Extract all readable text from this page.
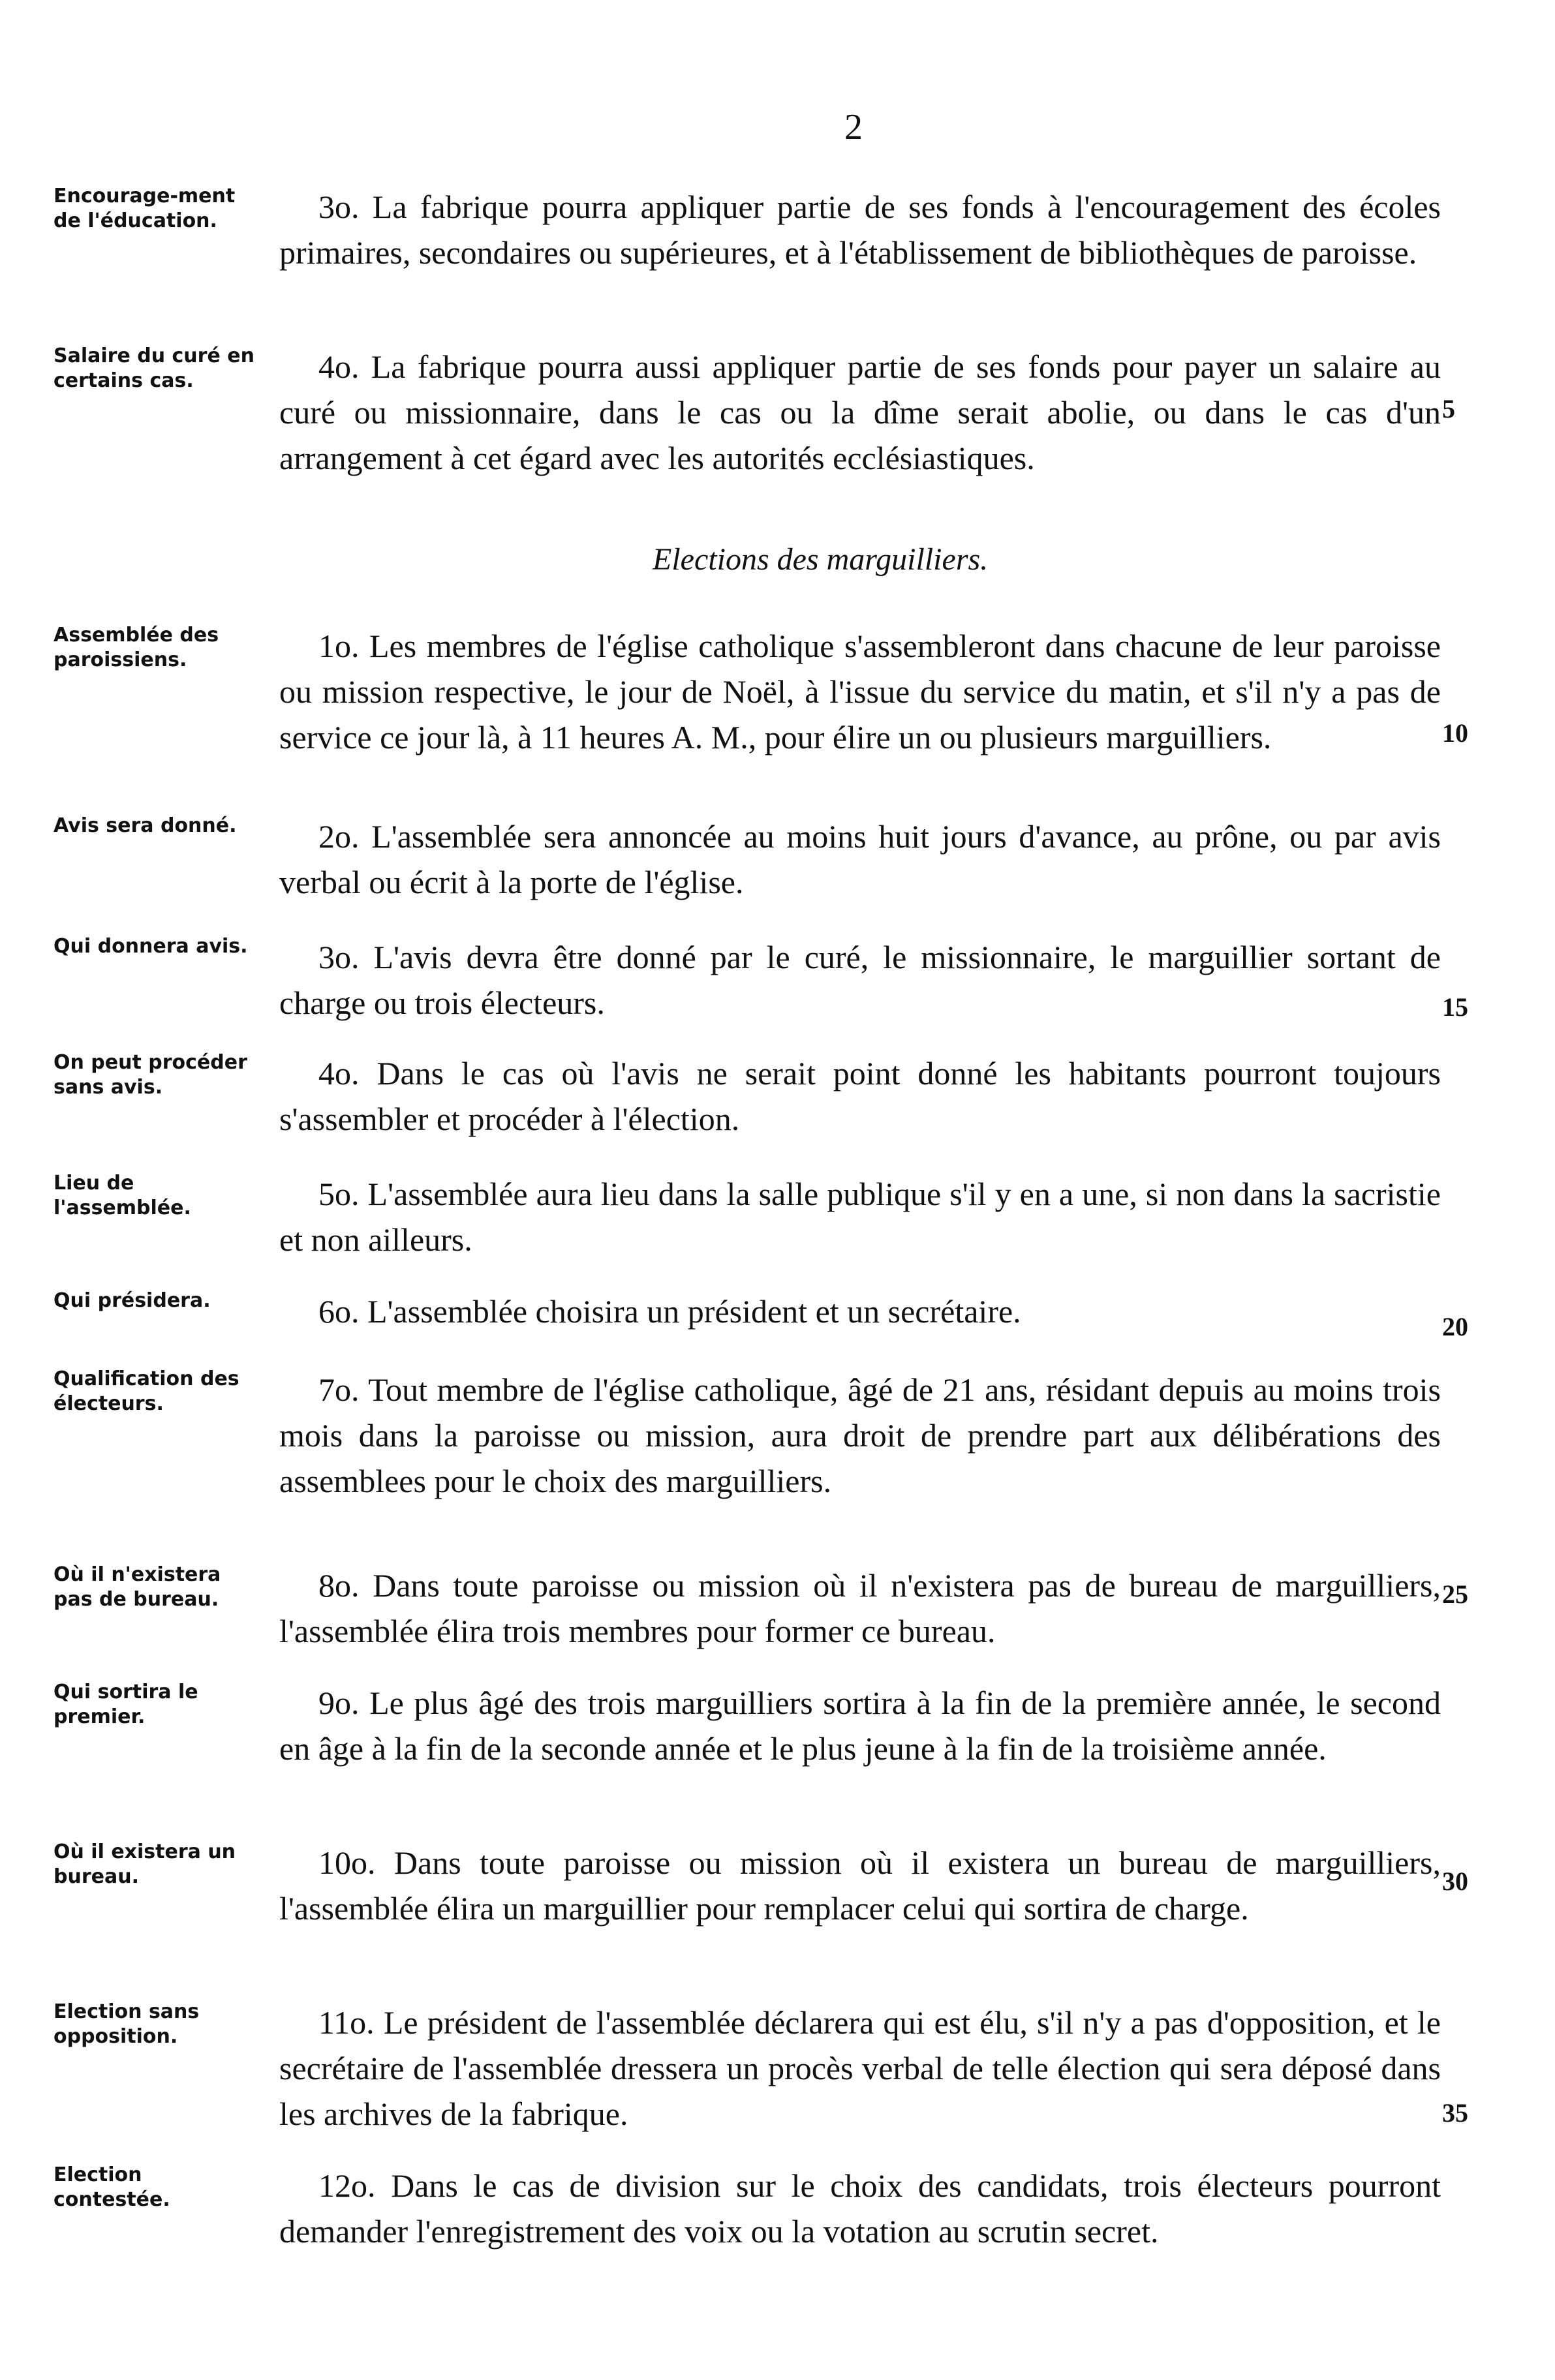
2
Encourage-ment de l'éducation.	3o. La fabrique pourra appliquer partie de ses fonds à l'encouragement des écoles primaires, secondaires ou supérieures, et à l'établissement de bibliothèques de paroisse.
Salaire du curé en certains cas.	4o. La fabrique pourra aussi appliquer partie de ses fonds pour payer un salaire au curé ou missionnaire, dans le cas ou la dîme serait abolie, ou dans le cas d'un arrangement à cet égard avec les autorités ecclésiastiques.
Elections des marguilliers.
Assemblée des paroissiens.	1o. Les membres de l'église catholique s'assembleront dans chacune de leur paroisse ou mission respective, le jour de Noël, à l'issue du service du matin, et s'il n'y a pas de service ce jour là, à 11 heures A. M., pour élire un ou plusieurs marguilliers.
Avis sera donné.	2o. L'assemblée sera annoncée au moins huit jours d'avance, au prône, ou par avis verbal ou écrit à la porte de l'église.
Qui donnera avis.	3o. L'avis devra être donné par le curé, le missionnaire, le marguillier sortant de charge ou trois électeurs.
On peut procéder sans avis.	4o. Dans le cas où l'avis ne serait point donné les habitants pourront toujours s'assembler et procéder à l'élection.
Lieu de l'assemblée.	5o. L'assemblée aura lieu dans la salle publique s'il y en a une, si non dans la sacristie et non ailleurs.
Qui présidera.	6o. L'assemblée choisira un président et un secrétaire.
Qualification des électeurs.	7o. Tout membre de l'église catholique, âgé de 21 ans, résidant depuis au moins trois mois dans la paroisse ou mission, aura droit de prendre part aux délibérations des assemblees pour le choix des marguilliers.
Où il n'existera pas de bureau.	8o. Dans toute paroisse ou mission où il n'existera pas de bureau de marguilliers, l'assemblée élira trois membres pour former ce bureau.
Qui sortira le premier.	9o. Le plus âgé des trois marguilliers sortira à la fin de la première année, le second en âge à la fin de la seconde année et le plus jeune à la fin de la troisième année.
Où il existera un bureau.	10o. Dans toute paroisse ou mission où il existera un bureau de marguilliers, l'assemblée élira un marguillier pour remplacer celui qui sortira de charge.
Election sans opposition.	11o. Le président de l'assemblée déclarera qui est élu, s'il n'y a pas d'opposition, et le secrétaire de l'assemblée dressera un procès verbal de telle élection qui sera déposé dans les archives de la fabrique.
Election contestée.	12o. Dans le cas de division sur le choix des candidats, trois électeurs pourront demander l'enregistrement des voix ou la votation au scrutin secret.
5
10
15
20
25
30
35
